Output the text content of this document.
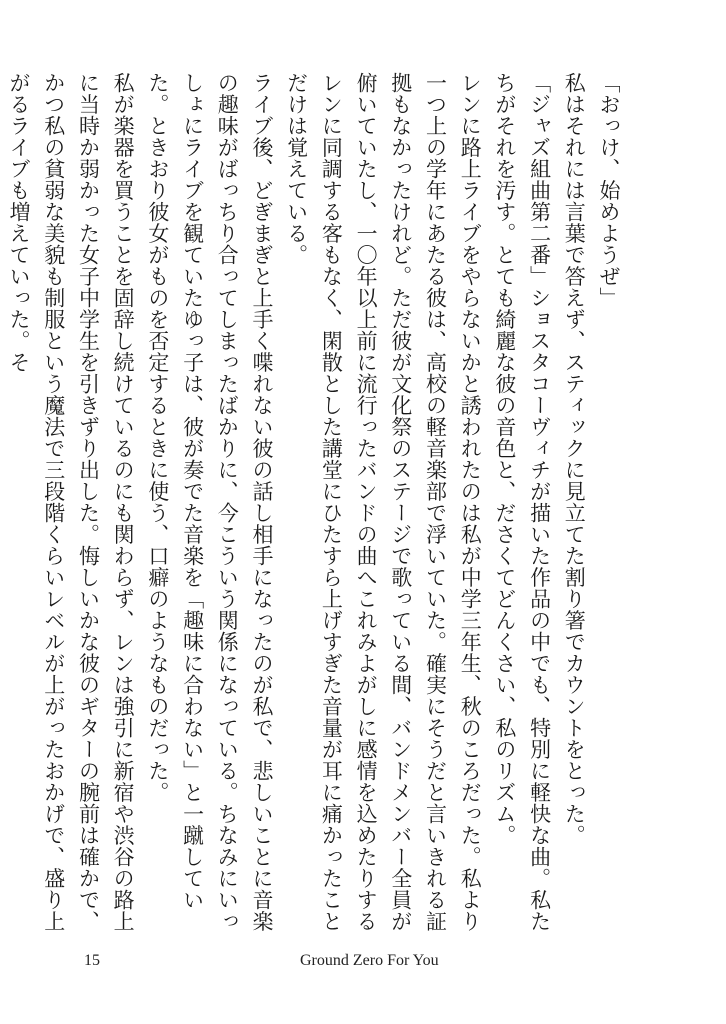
「おっけ、始めようぜ」

私はそれには言葉で答えず、スティックに見立てた割り箸でカウントをとった。

「ジャズ組曲第二番」ショスタコーヴィチが描いた作品の中でも、特別に軽快な曲。私たちがそれを汚す。とても綺麗な彼の音色と、ださくてどんくさい、私のリズム。

レンに路上ライブをやらないかと誘われたのは私が中学三年生、秋のころだった。私より一つ上の学年にあたる彼は、高校の軽音楽部で浮いていた。確実にそうだと言いきれる証拠もなかったけれど。ただ彼が文化祭のステージで歌っている間、バンドメンバー全員が俯いていたし、一〇年以上前に流行ったバンドの曲へこれみよがしに感情を込めたりするレンに同調する客もなく、閑散とした講堂にひたすら上げすぎた音量が耳に痛かったことだけは覚えている。

ライブ後、どぎまぎと上手く喋れない彼の話し相手になったのが私で、悲しいことに音楽の趣味がばっちり合ってしまったばかりに、今こういう関係になっている。ちなみにいっしょにライブを観ていたゆっ子は、彼が奏でた音楽を「趣味に合わない」と一蹴していた。ときおり彼女がものを否定するときに使う、口癖のようなものだった。

私が楽器を買うことを固辞し続けているのにも関わらず、レンは強引に新宿や渋谷の路上に当時か弱かった女子中学生を引きずり出した。悔しいかな彼のギターの腕前は確かで、かつ私の貧弱な美貌も制服という魔法で三段階くらいレベルが上がったおかげで、盛り上がるライブも増えていった。そ

15	Ground Zero For You
